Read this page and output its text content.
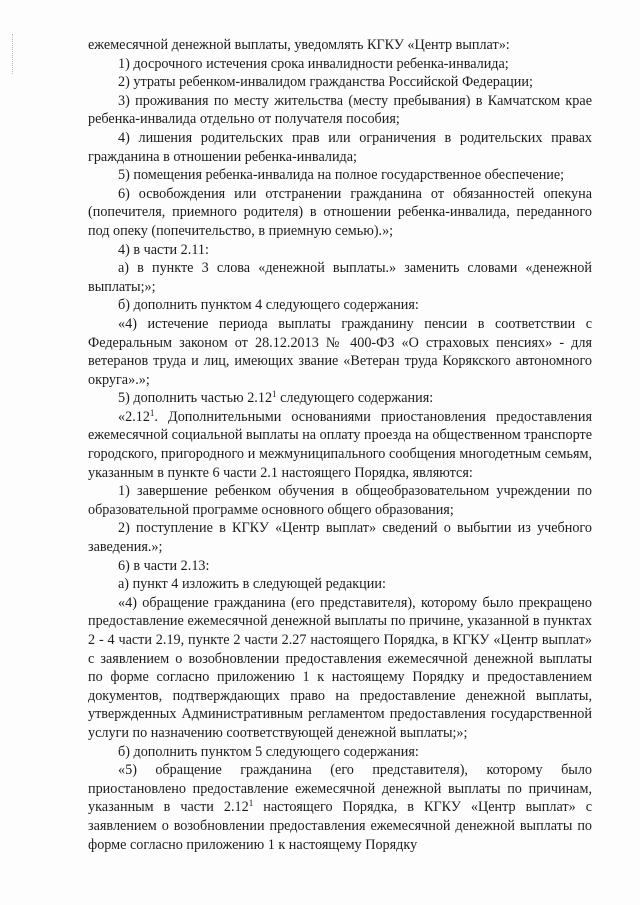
ежемесячной денежной выплаты, уведомлять КГКУ «Центр выплат»:

1) досрочного истечения срока инвалидности ребенка-инвалида;

2) утраты ребенком-инвалидом гражданства Российской Федерации;

3) проживания по месту жительства (месту пребывания) в Камчатском крае ребенка-инвалида отдельно от получателя пособия;

4) лишения родительских прав или ограничения в родительских правах гражданина в отношении ребенка-инвалида;

5) помещения ребенка-инвалида на полное государственное обеспечение;

6) освобождения или отстранении гражданина от обязанностей опекуна (попечителя, приемного родителя) в отношении ребенка-инвалида, переданного под опеку (попечительство, в приемную семью).»;

4) в части 2.11:

а) в пункте 3 слова «денежной выплаты.» заменить словами «денежной выплаты;»;

б) дополнить пунктом 4 следующего содержания:

«4) истечение периода выплаты гражданину пенсии в соответствии с Федеральным законом от 28.12.2013 № 400-ФЗ «О страховых пенсиях» - для ветеранов труда и лиц, имеющих звание «Ветеран труда Корякского автономного округа».»;

5) дополнить частью 2.12$^1$ следующего содержания:

«2.12$^1$. Дополнительными основаниями приостановления предоставления ежемесячной социальной выплаты на оплату проезда на общественном транспорте городского, пригородного и межмуниципального сообщения многодетным семьям, указанным в пункте 6 части 2.1 настоящего Порядка, являются:

1) завершение ребенком обучения в общеобразовательном учреждении по образовательной программе основного общего образования;

2) поступление в КГКУ «Центр выплат» сведений о выбытии из учебного заведения.»;

6) в части 2.13:

а) пункт 4 изложить в следующей редакции:

«4) обращение гражданина (его представителя), которому было прекращено предоставление ежемесячной денежной выплаты по причине, указанной в пунктах 2 - 4 части 2.19, пункте 2 части 2.27 настоящего Порядка, в КГКУ «Центр выплат» с заявлением о возобновлении предоставления ежемесячной денежной выплаты по форме согласно приложению 1 к настоящему Порядку и предоставлением документов, подтверждающих право на предоставление денежной выплаты, утвержденных Административным регламентом предоставления государственной услуги по назначению соответствующей денежной выплаты;»;

б) дополнить пунктом 5 следующего содержания:

«5) обращение гражданина (его представителя), которому было приостановлено предоставление ежемесячной денежной выплаты по причинам, указанным в части 2.12$^1$ настоящего Порядка, в КГКУ «Центр выплат» с заявлением о возобновлении предоставления ежемесячной денежной выплаты по форме согласно приложению 1 к настоящему Порядку
